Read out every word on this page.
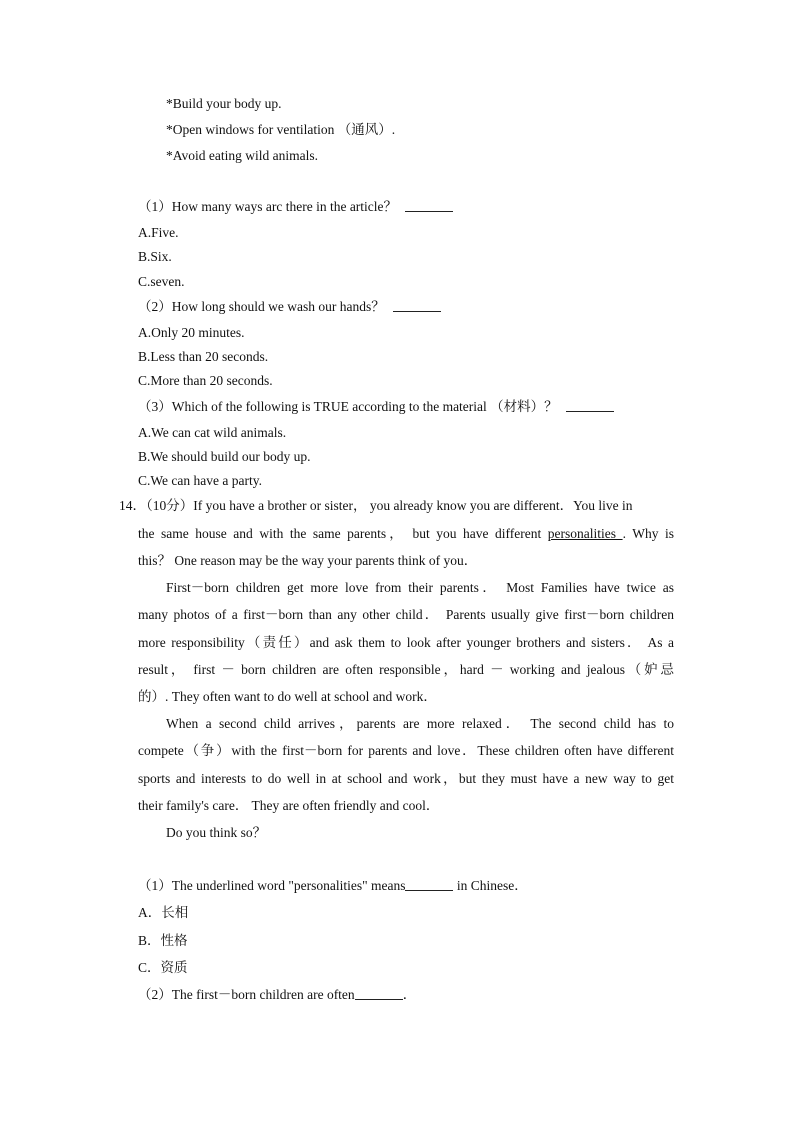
*Build your body up.
*Open windows for ventilation （通风）.
*Avoid eating wild animals.
（1）How many ways arc there in the article？
A.Five.
B.Six.
C.seven.
（2）How long should we wash our hands？
A.Only 20 minutes.
B.Less than 20 seconds.
C.More than 20 seconds.
（3）Which of the following is TRUE according to the material （材料）？
A.We can cat wild animals.
B.We should build our body up.
C.We can have a party.
14．（10分）If you have a brother or sister， you already know you are different．You live in
the same house and with the same parents， but you have different personalities . Why is
this？ One reason may be the way your parents think of you．
First－born children get more love from their parents． Most Families have twice as
many photos of a first－born than any other child． Parents usually give first－born children
more responsibility（责任）and ask them to look after younger brothers and sisters． As a
result， first － born children are often responsible，hard － working and jealous（妒忌
的）. They often want to do well at school and work．
When a second child arrives，parents are more relaxed． The second child has to
compete（争）with the first－born for parents and love．These children often have different
sports and interests to do well in at school and work，but they must have a new way to get
their family's care． They are often friendly and cool．
Do you think so？
（1）The underlined word "personalities" means	in Chinese．
A．长相
B．性格
C．资质
（2）The first－born children are often	．
